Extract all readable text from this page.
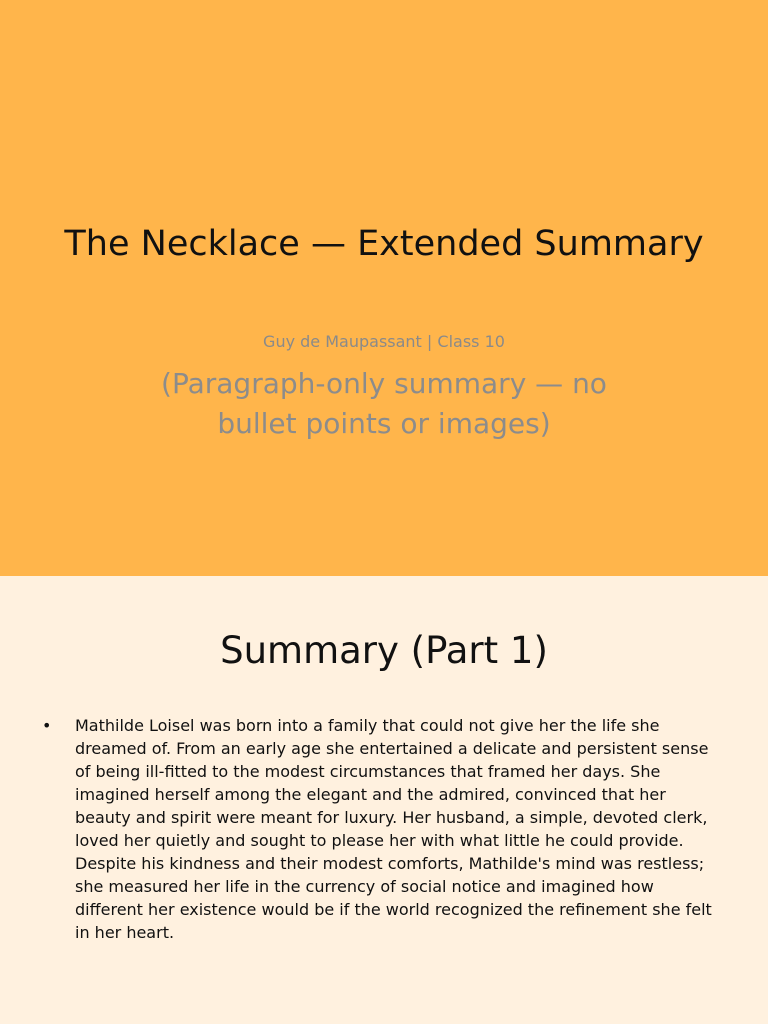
The Necklace — Extended Summary
Guy de Maupassant | Class 10
(Paragraph-only summary — no bullet points or images)
Summary (Part 1)
• Mathilde Loisel was born into a family that could not give her the life she dreamed of. From an early age she entertained a delicate and persistent sense of being ill-fitted to the modest circumstances that framed her days. She imagined herself among the elegant and the admired, convinced that her beauty and spirit were meant for luxury. Her husband, a simple, devoted clerk, loved her quietly and sought to please her with what little he could provide. Despite his kindness and their modest comforts, Mathilde's mind was restless; she measured her life in the currency of social notice and imagined how different her existence would be if the world recognized the refinement she felt in her heart.
